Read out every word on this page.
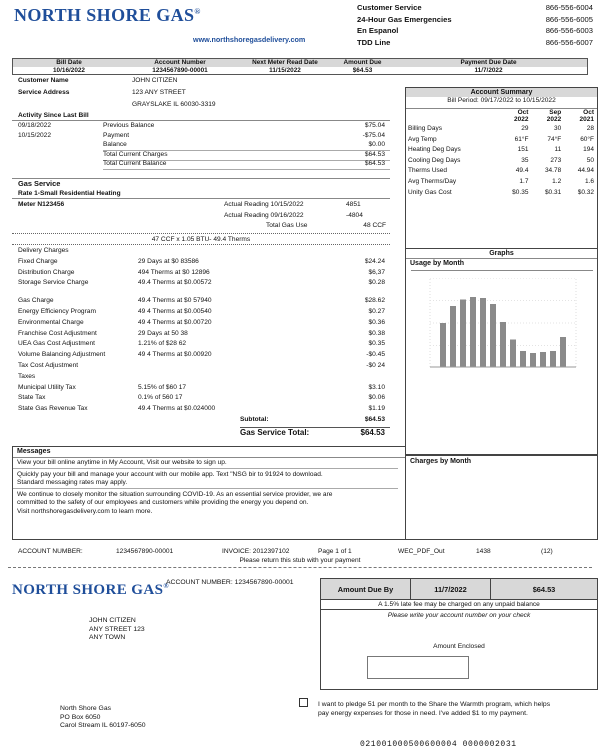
NORTH SHORE GAS®
www.northshoregasdelivery.com
Customer Service	866-556-6004
24-Hour Gas Emergencies	866-556-6005
En Espanol	866-556-6003
TDD Line	866-556-6007
Bill Date	Account Number	Next Meter Read Date	Amount Due	Payment Due Date
10/16/2022	1234567890-00001	11/15/2022	$64.53	11/7/2022
Customer Name	JOHN CITIZEN
Service Address	123 ANY STREET
GRAYSLAKE IL 60030-3319
Activity Since Last Bill
09/18/2022	Previous Balance	$75.04
10/15/2022	Payment	-$75.04
Balance	$0.00
Total Current Charges	$64.53
Total Current Balance	$64.53
Gas Service
Rate 1-Small Residential Heating
Meter N123456	Actual Reading 10/15/2022	4851
Actual Reading 09/16/2022	-4804
Total Gas Use	48 CCF
47 CCF x 1.05 BTU- 49.4 Therms
Delivery Charges
Fixed Charge	29 Days at $0 83586	$24.24
Distribution Charge	494 Therms at $0 12896	$6,37
Storage Service Charge	49.4 Therms at $0.00572	$0.28
Gas Charge	49.4 Therms at $0 57940	$28.62
Energy Efficiency Program	49 4 Therms at $0.00540	$0.27
Environmental Charge	49 4 Therms at $0.00720	$0.36
Franchise Cost Adjustment	29 Days at 50 38	$0.38
UEA Gas Cost Adjustment	1.21% of $28 62	$0.35
Volume Balancing Adjustment	49 4 Therms at $0.00920	-$0.45
Tax Cost Adjustment	-$0 24
Taxes
Municipal Utility Tax	5.15% of $60 17	$3.10
State Tax	0.1% of 560 17	$0.06
State Gas Revenue Tax	49.4 Therms at $0.024000	$1.19
Subtotal:	$64.53
Gas Service Total:	$64.53
Account Summary
Bill Period: 09/17/2022 to 10/15/2022
	Oct	Sep	Oct
	2022	2022	2021
Billing Days	29	30	28
Avg Temp	61°F	74°F	60°F
Heating Deg Days	151	11	194
Cooling Deg Days	35	273	50
Therms Used	49.4	34.78	44.94
Avg Therms/Day	1.7	1.2	1.6
Unity Gas Cost	$0.35	$0.31	$0.32
Graphs
Usage by Month
Charges by Month
Messages
View your bill online anytime in My Account, Visit our website to sign up.
Quickly pay your bill and manage your account with our mobile app. Text "NSG bir to 91924 to download.
Standard messaging rates may apply.
We continue to closely monitor the situation surrounding COVID-19. As an essential service provider, we are
committed to the safety of our employees and customers while providing the energy you depend on.
Visit northshoregasdelivery.com to learn more.
ACCOUNT NUMBER:	1234567890-00001	INVOICE: 2012397102	Page 1 of 1	WEC_PDF_Out	1438	(12)
Please return this stub with your payment
NORTH SHORE GAS®
ACCOUNT NUMBER: 1234567890-00001
Amount Due By	11/7/2022	$64.53
A 1.5% late fee may be charged on any unpaid balance
Please write your account number on your check
Amount Enclosed
JOHN CITIZEN
ANY STREET 123
ANY TOWN
I want to pledge 51 per month to the Share the Warmth program, which helps
pay energy expenses for those in need. I've added $1 to my payment.
North Shore Gas
PO Box 6050
Carol Stream IL 60197-6050
021001000500600004 0000002031
